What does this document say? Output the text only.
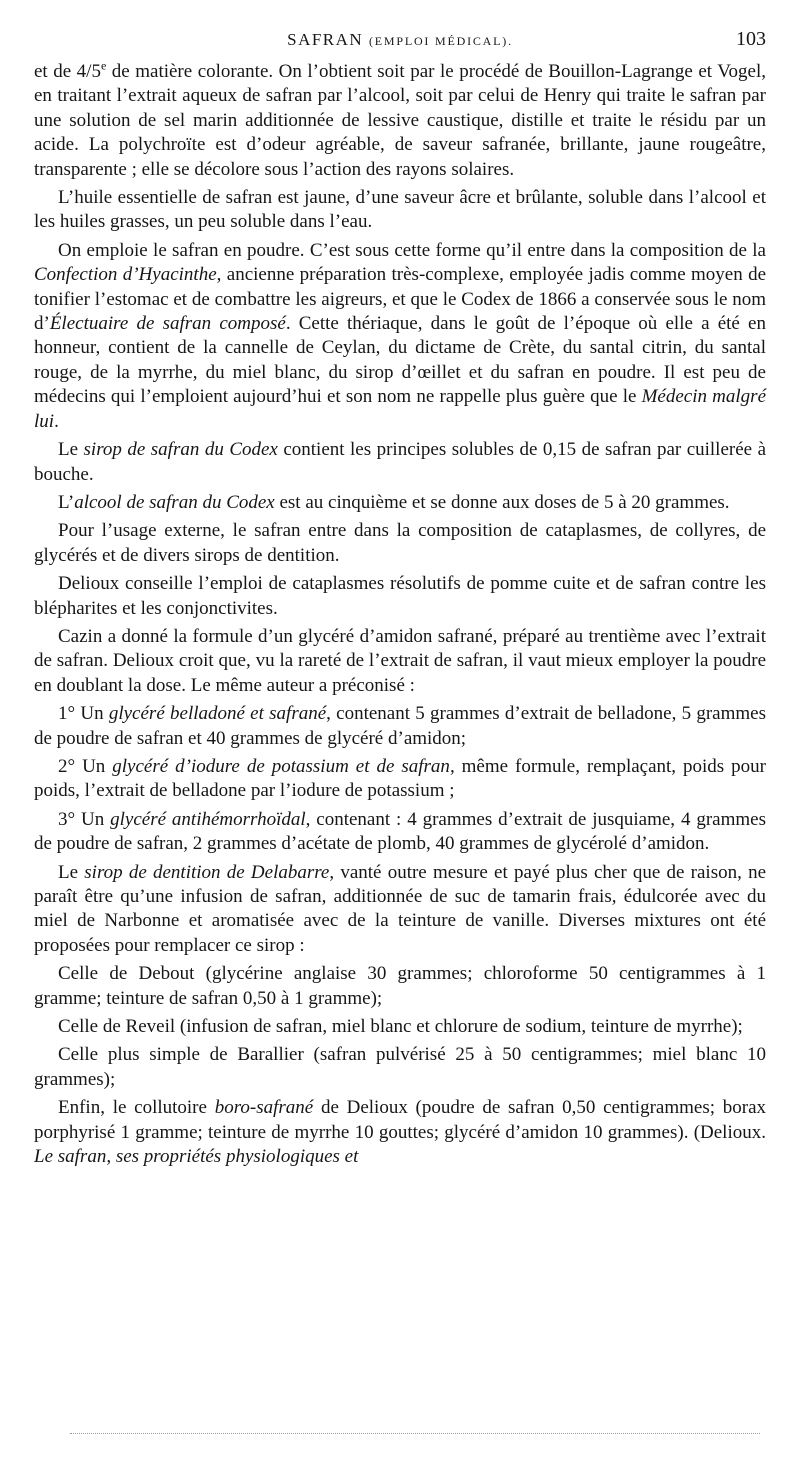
SAFRAN (EMPLOI MÉDICAL).	103

et de 4/5e de matière colorante. On l’obtient soit par le procédé de Bouillon-Lagrange et Vogel, en traitant l’extrait aqueux de safran par l’alcool, soit par celui de Henry qui traite le safran par une solution de sel marin additionnée de lessive caustique, distille et traite le résidu par un acide. La polychroïte est d’odeur agréable, de saveur safranée, brillante, jaune rougeâtre, transparente ; elle se décolore sous l’action des rayons solaires.

L’huile essentielle de safran est jaune, d’une saveur âcre et brûlante, soluble dans l’alcool et les huiles grasses, un peu soluble dans l’eau.

On emploie le safran en poudre. C’est sous cette forme qu’il entre dans la composition de la Confection d’Hyacinthe, ancienne préparation très-complexe, employée jadis comme moyen de tonifier l’estomac et de combattre les aigreurs, et que le Codex de 1866 a conservée sous le nom d’Électuaire de safran composé. Cette thériaque, dans le goût de l’époque où elle a été en honneur, contient de la cannelle de Ceylan, du dictame de Crète, du santal citrin, du santal rouge, de la myrrhe, du miel blanc, du sirop d’œillet et du safran en poudre. Il est peu de médecins qui l’emploient aujourd’hui et son nom ne rappelle plus guère que le Médecin malgré lui.

Le sirop de safran du Codex contient les principes solubles de 0,15 de safran par cuillerée à bouche.

L’alcool de safran du Codex est au cinquième et se donne aux doses de 5 à 20 grammes.

Pour l’usage externe, le safran entre dans la composition de cataplasmes, de collyres, de glycérés et de divers sirops de dentition.

Delioux conseille l’emploi de cataplasmes résolutifs de pomme cuite et de safran contre les blépharites et les conjonctivites.

Cazin a donné la formule d’un glycéré d’amidon safrané, préparé au trentième avec l’extrait de safran. Delioux croit que, vu la rareté de l’extrait de safran, il vaut mieux employer la poudre en doublant la dose. Le même auteur a préconisé :

1° Un glycéré belladoné et safrané, contenant 5 grammes d’extrait de belladone, 5 grammes de poudre de safran et 40 grammes de glycéré d’amidon;

2° Un glycéré d’iodure de potassium et de safran, même formule, remplaçant, poids pour poids, l’extrait de belladone par l’iodure de potassium ;

3° Un glycéré antihémorrhoïdal, contenant : 4 grammes d’extrait de jusquiame, 4 grammes de poudre de safran, 2 grammes d’acétate de plomb, 40 grammes de glycérolé d’amidon.

Le sirop de dentition de Delabarre, vanté outre mesure et payé plus cher que de raison, ne paraît être qu’une infusion de safran, additionnée de suc de tamarin frais, édulcorée avec du miel de Narbonne et aromatisée avec de la teinture de vanille. Diverses mixtures ont été proposées pour remplacer ce sirop :

Celle de Debout (glycérine anglaise 30 grammes; chloroforme 50 centigrammes à 1 gramme; teinture de safran 0,50 à 1 gramme);

Celle de Reveil (infusion de safran, miel blanc et chlorure de sodium, teinture de myrrhe);

Celle plus simple de Barallier (safran pulvérisé 25 à 50 centigrammes; miel blanc 10 grammes);

Enfin, le collutoire boro-safrané de Delioux (poudre de safran 0,50 centigrammes; borax porphyrisé 1 gramme; teinture de myrrhe 10 gouttes; glycéré d’amidon 10 grammes). (Delioux. Le safran, ses propriétés physiologiques et
